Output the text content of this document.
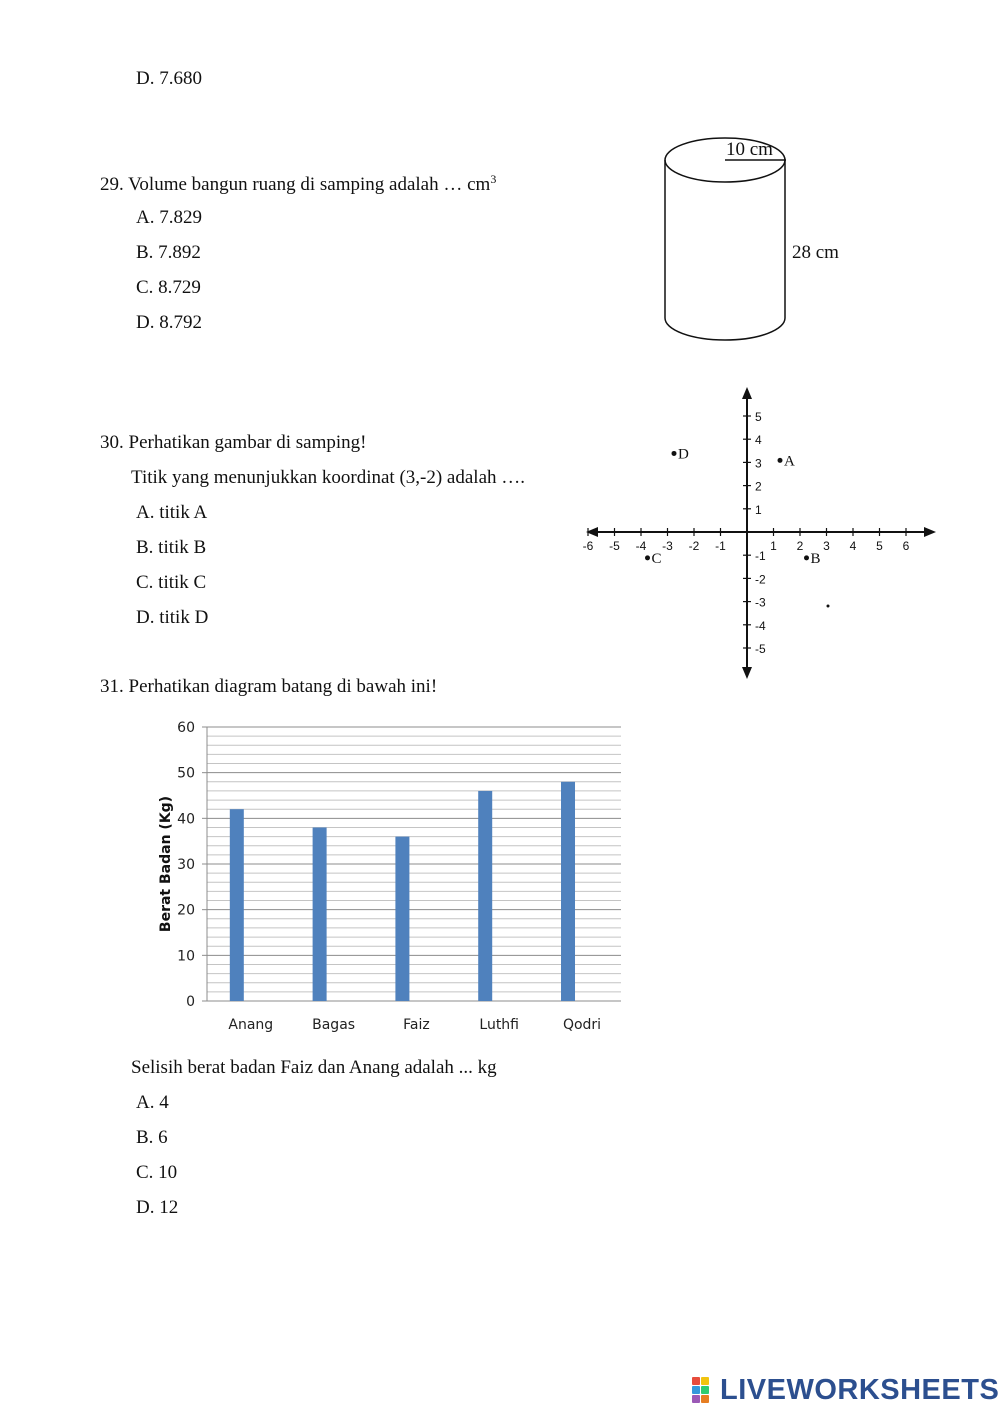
D. 7.680
29. Volume bangun ruang di samping adalah … $cm^3$
A. 7.829
B. 7.892
C. 8.729
D. 8.792
10 cm
28 cm
30. Perhatikan gambar di samping!
Titik yang menunjukkan koordinat (3,-2) adalah ….
A. titik A
B. titik B
C. titik C
D. titik D
-6 -5 -4 -3 -2 -1	1 2 3 4 5 6
5
4
3
2
1
-1
-2
-3
-4
-5
A
B
C
D
31. Perhatikan diagram batang di bawah ini!
0
10
20
30
40
50
60
Berat Badan (Kg)
Anang	Bagas	Faiz	Luthfi	Qodri
Selisih berat badan Faiz dan Anang adalah ... kg
A. 4
B. 6
C. 10
D. 12
LIVEWORKSHEETS
